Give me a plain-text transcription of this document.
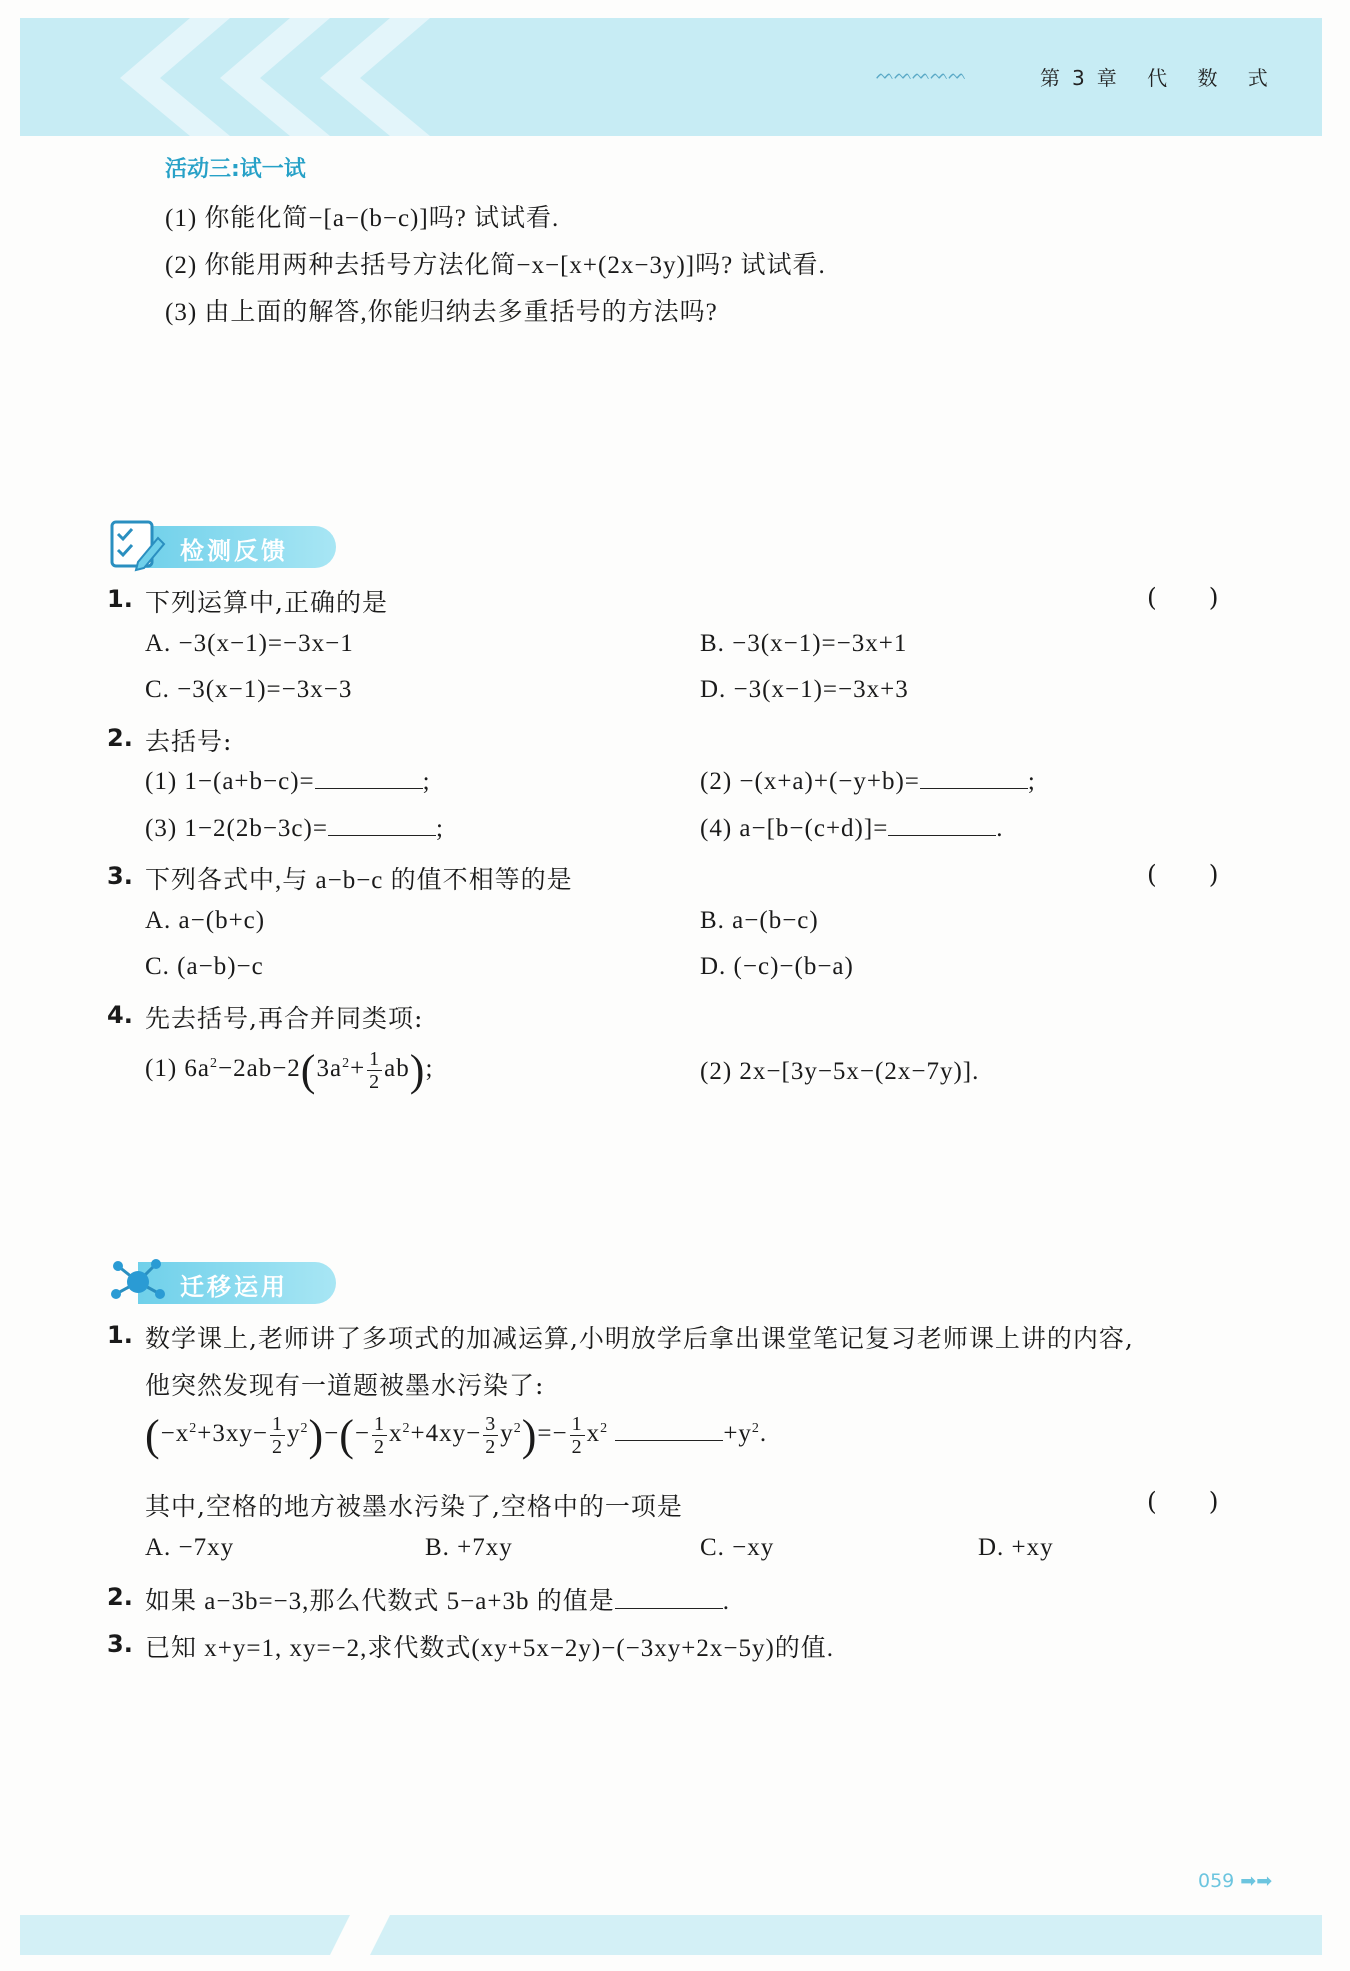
ᨓᨓᨓᨓᨓ	第3章 代 数 式
活动三:试一试
(1) 你能化简−[a−(b−c)]吗? 试试看.
(2) 你能用两种去括号方法化简−x−[x+(2x−3y)]吗? 试试看.
(3) 由上面的解答,你能归纳去多重括号的方法吗?
检测反馈
1. 下列运算中,正确的是	( )
A. −3(x−1)=−3x−1	B. −3(x−1)=−3x+1
C. −3(x−1)=−3x−3	D. −3(x−1)=−3x+3
2. 去括号:
(1) 1−(a+b−c)=	;	(2) −(x+a)+(−y+b)=	;
(3) 1−2(2b−3c)=	;	(4) a−[b−(c+d)]=	.
3. 下列各式中,与 a−b−c 的值不相等的是	( )
A. a−(b+c)	B. a−(b−c)
C. (a−b)−c	D. (−c)−(b−a)
4. 先去括号,再合并同类项:
(1) $6a^2-2ab-2(3a^2+ \frac{1}{2} ab)$;	(2) 2x−[3y−5x−(2x−7y)].
迁移运用
1. 数学课上,老师讲了多项式的加减运算,小明放学后拿出课堂笔记复习老师课上讲的内容,
他突然发现有一道题被墨水污染了:
$(-x^2+3xy- \frac{1}{2} y^2)-(- \frac{1}{2} x^2+4xy- \frac{3}{2} y^2)=- \frac{1}{2} x^2$	$+y^2$.
其中,空格的地方被墨水污染了,空格中的一项是	( )
A. −7xy	B. +7xy	C. −xy	D. +xy
2. 如果 a−3b=−3,那么代数式 5−a+3b 的值是	.
3. 已知 x+y=1, xy=−2,求代数式(xy+5x−2y)−(−3xy+2x−5y)的值.
059 ➡➡
